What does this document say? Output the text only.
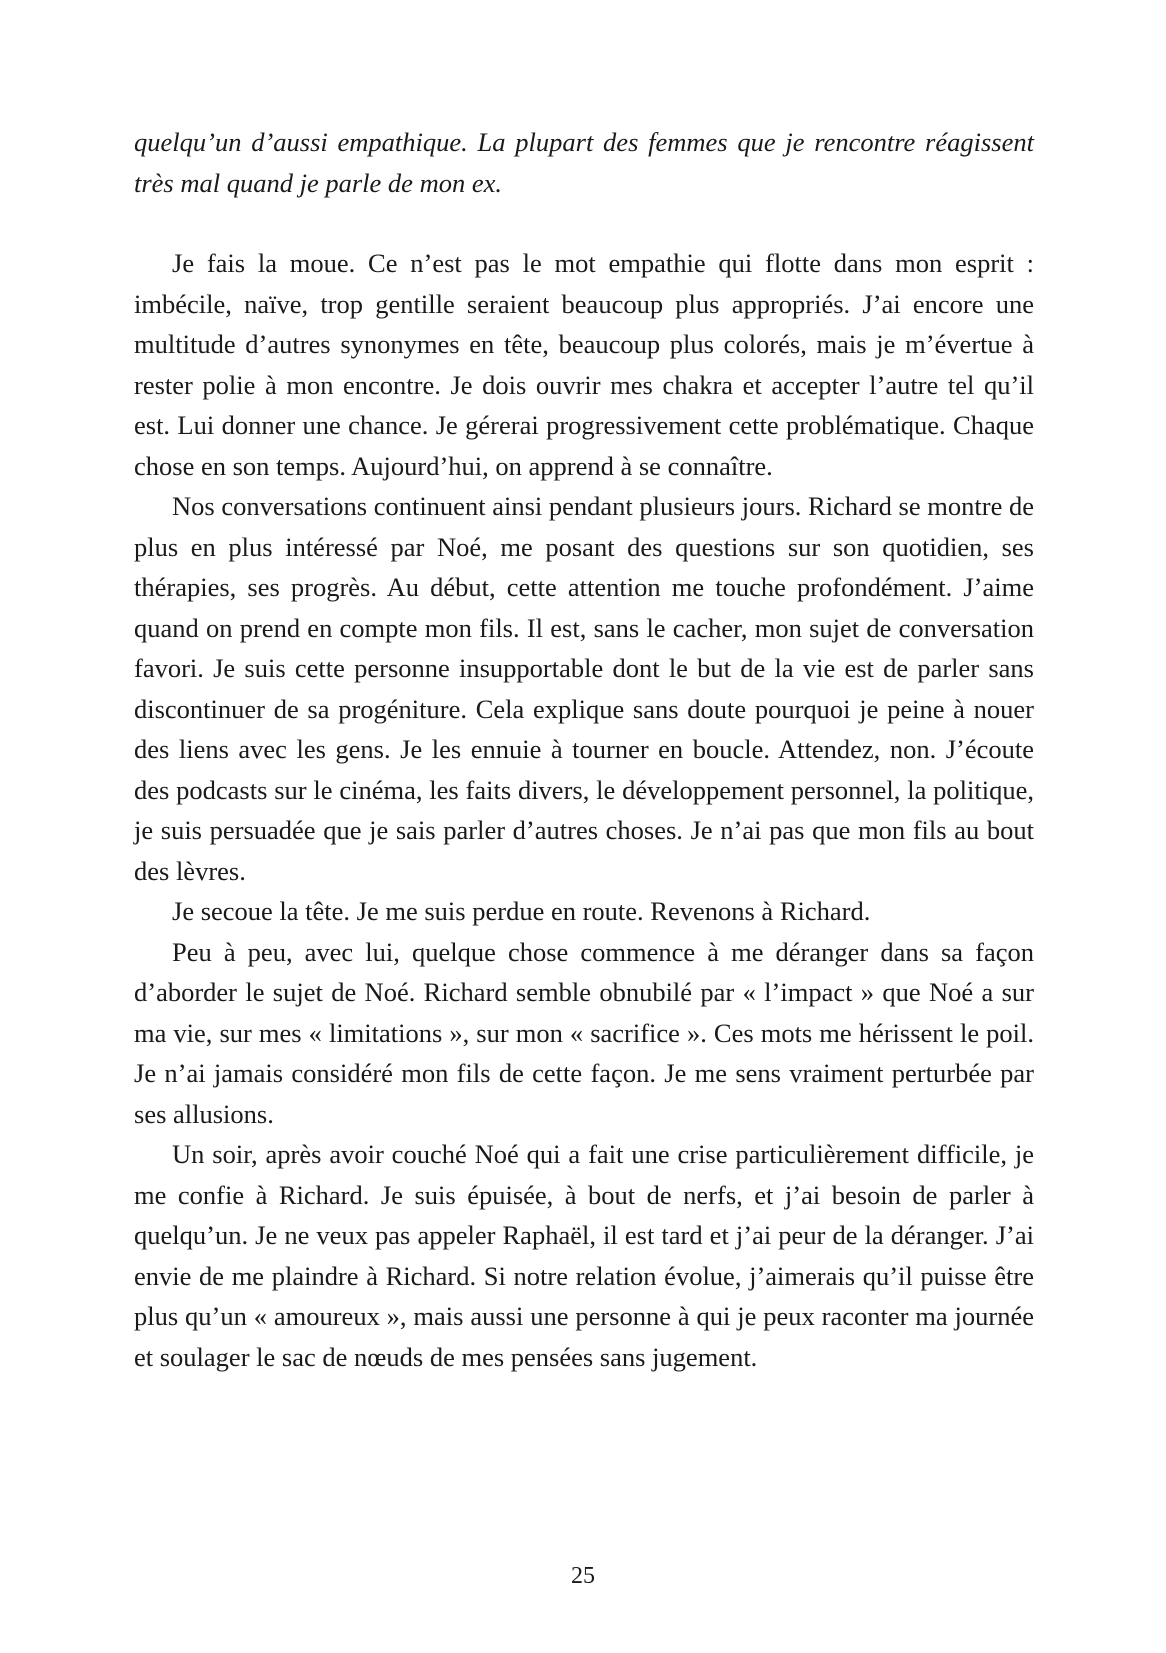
quelqu’un d’aussi empathique. La plupart des femmes que je rencontre réagissent très mal quand je parle de mon ex.

Je fais la moue. Ce n’est pas le mot empathie qui flotte dans mon esprit : imbécile, naïve, trop gentille seraient beaucoup plus appropriés. J’ai encore une multitude d’autres synonymes en tête, beaucoup plus colorés, mais je m’évertue à rester polie à mon encontre. Je dois ouvrir mes chakra et accepter l’autre tel qu’il est. Lui donner une chance. Je gérerai progressivement cette problématique. Chaque chose en son temps. Aujourd’hui, on apprend à se connaître.

Nos conversations continuent ainsi pendant plusieurs jours. Richard se montre de plus en plus intéressé par Noé, me posant des questions sur son quotidien, ses thérapies, ses progrès. Au début, cette attention me touche profondément. J’aime quand on prend en compte mon fils. Il est, sans le cacher, mon sujet de conversation favori. Je suis cette personne insupportable dont le but de la vie est de parler sans discontinuer de sa progéniture. Cela explique sans doute pourquoi je peine à nouer des liens avec les gens. Je les ennuie à tourner en boucle. Attendez, non. J’écoute des podcasts sur le cinéma, les faits divers, le développement personnel, la politique, je suis persuadée que je sais parler d’autres choses. Je n’ai pas que mon fils au bout des lèvres.

Je secoue la tête. Je me suis perdue en route. Revenons à Richard.

Peu à peu, avec lui, quelque chose commence à me déranger dans sa façon d’aborder le sujet de Noé. Richard semble obnubilé par « l’impact » que Noé a sur ma vie, sur mes « limitations », sur mon « sacrifice ». Ces mots me hérissent le poil. Je n’ai jamais considéré mon fils de cette façon. Je me sens vraiment perturbée par ses allusions.

Un soir, après avoir couché Noé qui a fait une crise particulièrement difficile, je me confie à Richard. Je suis épuisée, à bout de nerfs, et j’ai besoin de parler à quelqu’un. Je ne veux pas appeler Raphaël, il est tard et j’ai peur de la déranger. J’ai envie de me plaindre à Richard. Si notre relation évolue, j’aimerais qu’il puisse être plus qu’un « amoureux », mais aussi une personne à qui je peux raconter ma journée et soulager le sac de nœuds de mes pensées sans jugement.

25
